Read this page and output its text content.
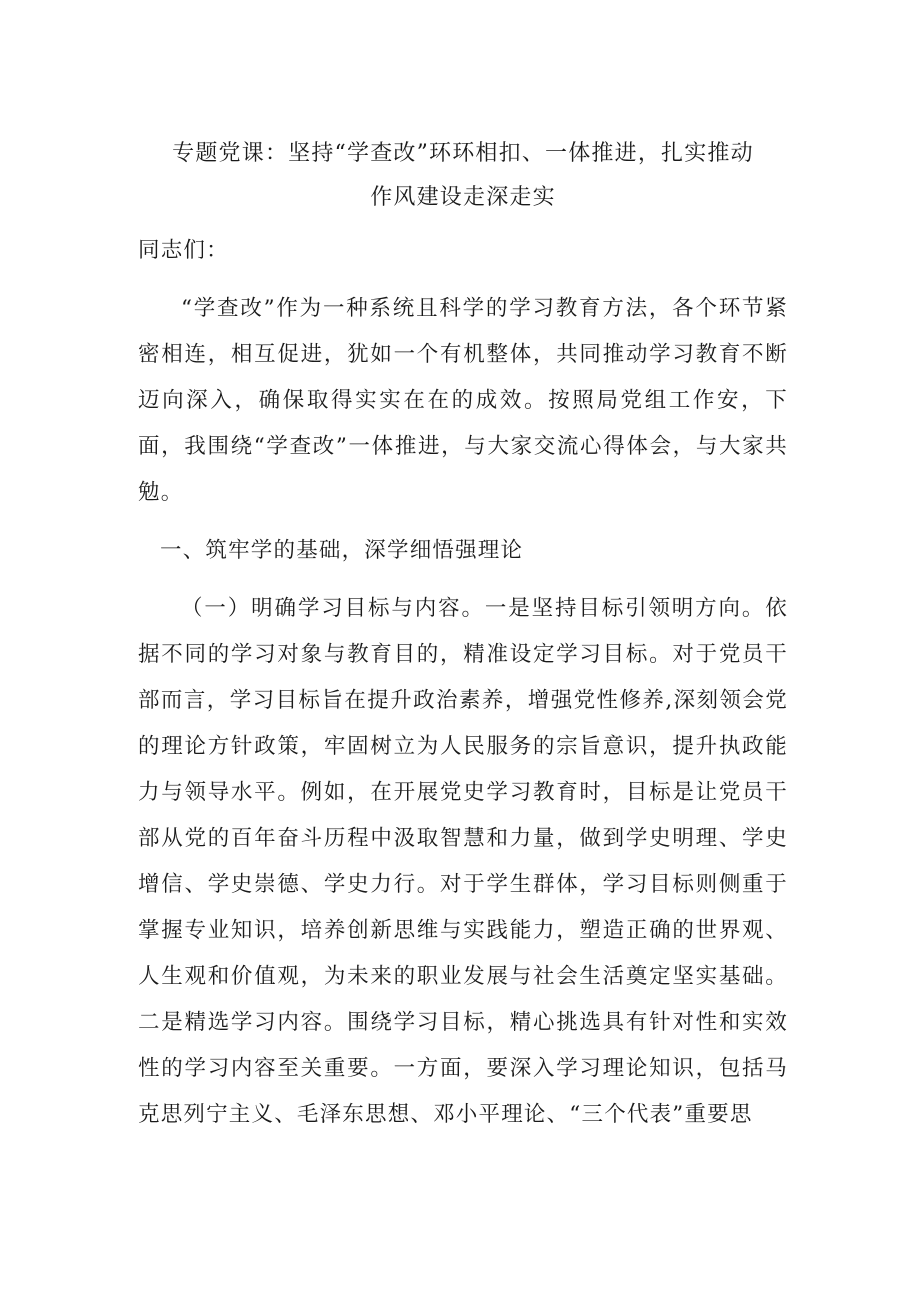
专题党课：坚持“学查改”环环相扣、一体推进，扎实推动
作风建设走深走实

同志们：

“学查改”作为一种系统且科学的学习教育方法，各个环节紧密相连，相互促进，犹如一个有机整体，共同推动学习教育不断迈向深入，确保取得实实在在的成效。按照局党组工作安，下面，我围绕“学查改”一体推进，与大家交流心得体会，与大家共勉。

一、筑牢学的基础，深学细悟强理论

（一）明确学习目标与内容。一是坚持目标引领明方向。依据不同的学习对象与教育目的，精准设定学习目标。对于党员干部而言，学习目标旨在提升政治素养，增强党性修养,深刻领会党的理论方针政策，牢固树立为人民服务的宗旨意识，提升执政能力与领导水平。例如，在开展党史学习教育时，目标是让党员干部从党的百年奋斗历程中汲取智慧和力量，做到学史明理、学史增信、学史崇德、学史力行。对于学生群体，学习目标则侧重于掌握专业知识，培养创新思维与实践能力，塑造正确的世界观、人生观和价值观，为未来的职业发展与社会生活奠定坚实基础。二是精选学习内容。围绕学习目标，精心挑选具有针对性和实效性的学习内容至关重要。一方面，要深入学习理论知识，包括马克思列宁主义、毛泽东思想、邓小平理论、“三个代表”重要思
